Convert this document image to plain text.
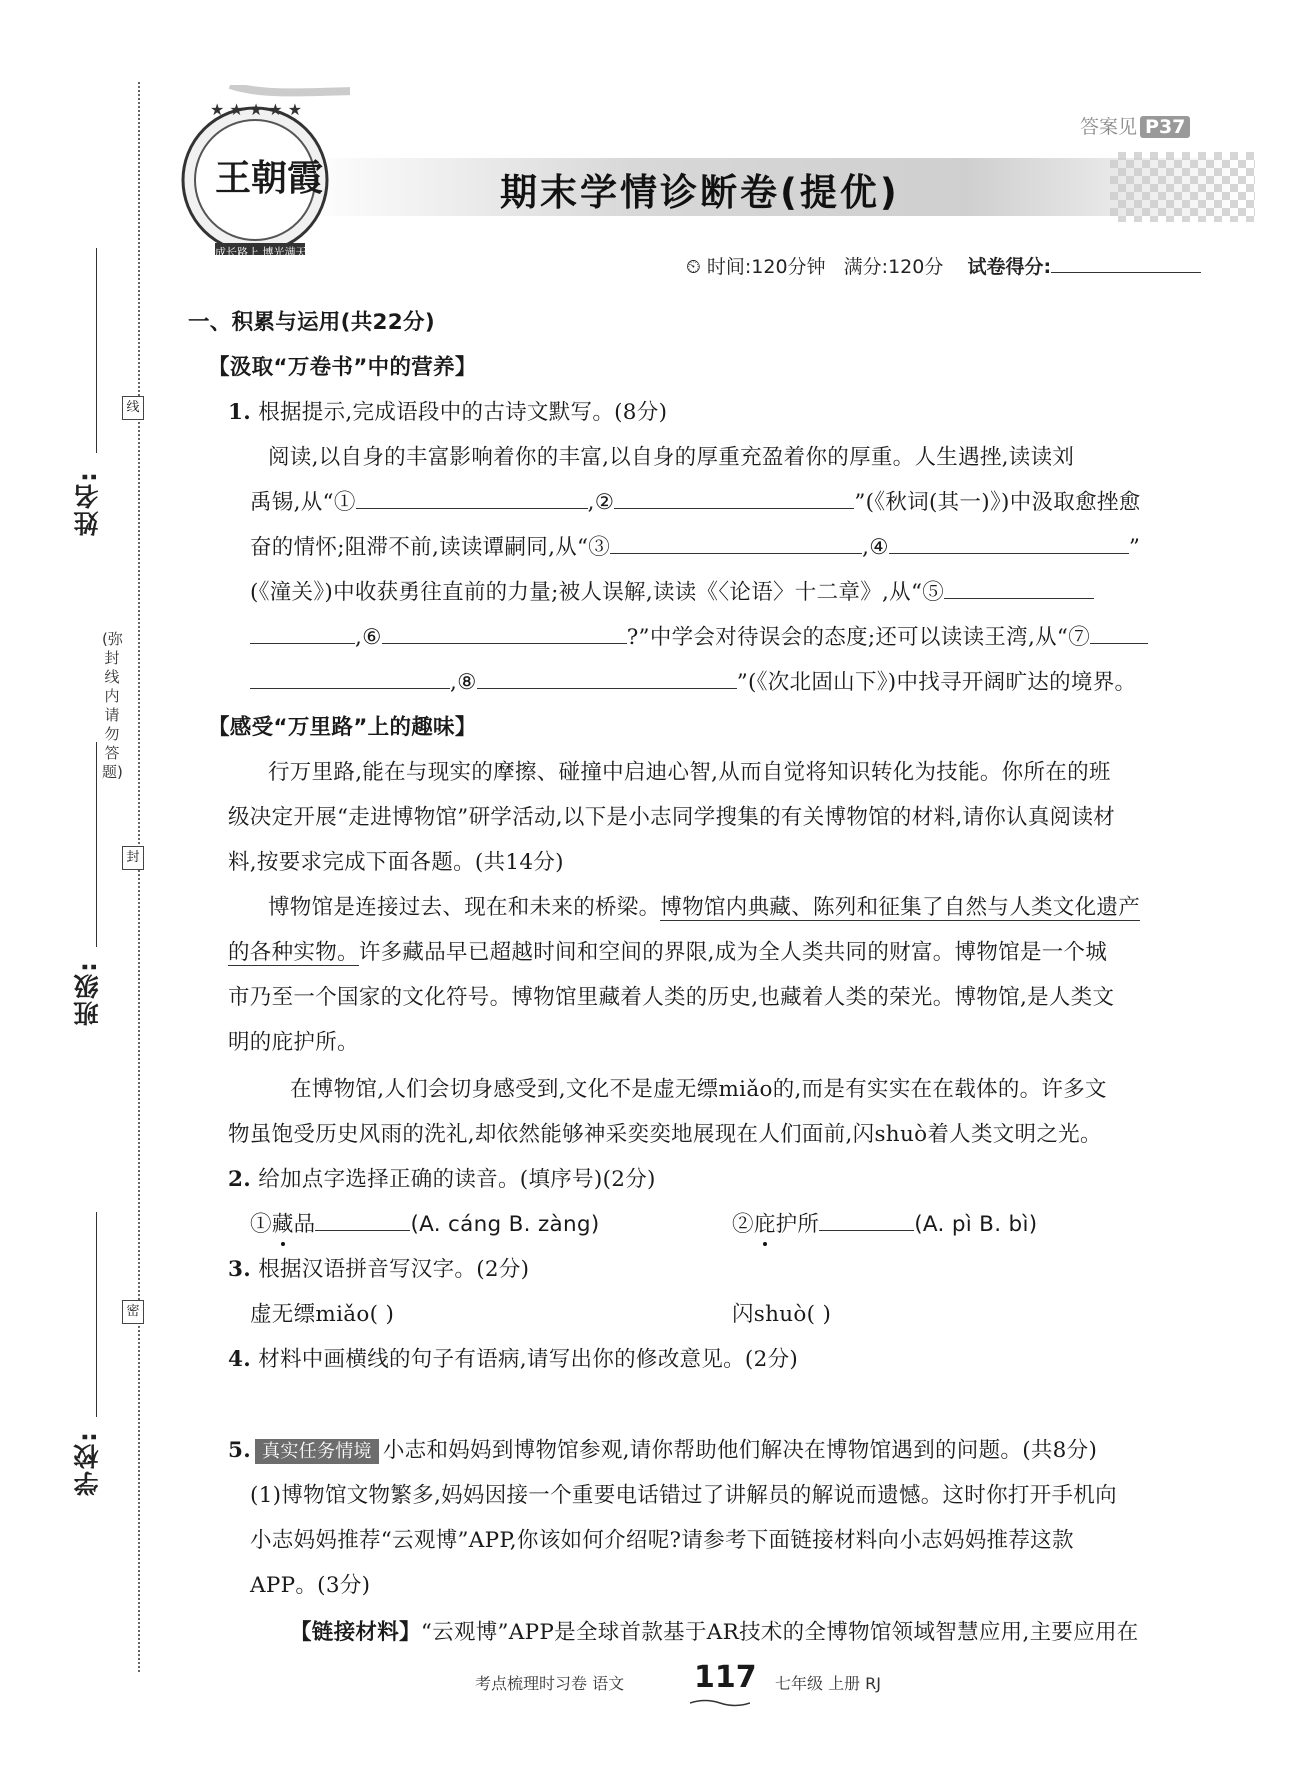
姓名:
班级:
学校:
线
封
密
(弥封线内请勿答题)
★ ★ ★ ★ ★
王朝霞
成长路上 博光满天
答案见 P37
期末学情诊断卷(提优)
⏲ 时间:120分钟 满分:120分 试卷得分:
一、积累与运用(共22分)
【汲取“万卷书”中的营养】
1. 根据提示,完成语段中的古诗文默写。(8分)
阅读,以自身的丰富影响着你的丰富,以自身的厚重充盈着你的厚重。人生遇挫,读读刘
禹锡,从“①	,②	”(《秋词(其一)》)中汲取愈挫愈
奋的情怀;阻滞不前,读读谭嗣同,从“③	,④	”
(《潼关》)中收获勇往直前的力量;被人误解,读读《〈论语〉十二章》,从“⑤
,⑥	?”中学会对待误会的态度;还可以读读王湾,从“⑦
,⑧	”(《次北固山下》)中找寻开阔旷达的境界。
【感受“万里路”上的趣味】
行万里路,能在与现实的摩擦、碰撞中启迪心智,从而自觉将知识转化为技能。你所在的班
级决定开展“走进博物馆”研学活动,以下是小志同学搜集的有关博物馆的材料,请你认真阅读材
料,按要求完成下面各题。(共14分)
博物馆是连接过去、现在和未来的桥梁。博物馆内典藏、陈列和征集了自然与人类文化遗产
的各种实物。许多藏品早已超越时间和空间的界限,成为全人类共同的财富。博物馆是一个城
市乃至一个国家的文化符号。博物馆里藏着人类的历史,也藏着人类的荣光。博物馆,是人类文
明的庇护所。
在博物馆,人们会切身感受到,文化不是虚无缥miǎo的,而是有实实在在载体的。许多文
物虽饱受历史风雨的洗礼,却依然能够神采奕奕地展现在人们面前,闪shuò着人类文明之光。
2. 给加点字选择正确的读音。(填序号)(2分)
①藏品	(A. cáng B. zàng)	②庇护所	(A. pì B. bì)
3. 根据汉语拼音写汉字。(2分)
虚无缥miǎo( )	闪shuò( )
4. 材料中画横线的句子有语病,请写出你的修改意见。(2分)
5. 真实任务情境 小志和妈妈到博物馆参观,请你帮助他们解决在博物馆遇到的问题。(共8分)
(1)博物馆文物繁多,妈妈因接一个重要电话错过了讲解员的解说而遗憾。这时你打开手机向
小志妈妈推荐“云观博”APP,你该如何介绍呢?请参考下面链接材料向小志妈妈推荐这款
APP。(3分)
【链接材料】“云观博”APP是全球首款基于AR技术的全博物馆领域智慧应用,主要应用在
考点梳理时习卷 语文 117 七年级 上册 RJ
